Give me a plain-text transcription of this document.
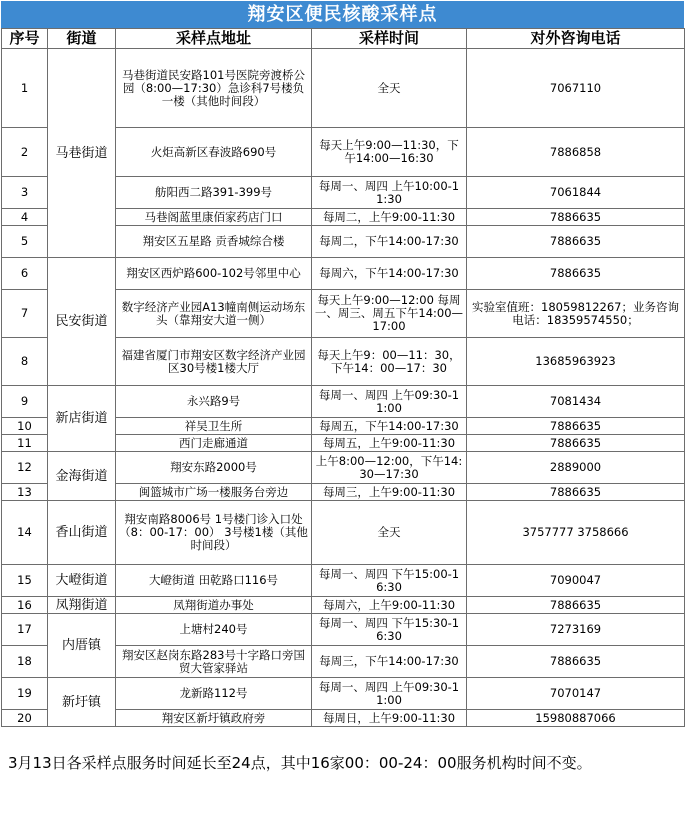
翔安区便民核酸采样点
序号	街道	采样点地址	采样时间	对外咨询电话
1	马巷街道	马巷街道民安路101号医院旁渡桥公园（8:00—17:30）急诊科7号楼负一楼（其他时间段）	全天	7067110
2		火炬高新区春波路690号	每天上午9:00—11:30，下午14:00—16:30	7886858
3		舫阳西二路391-399号	每周一、周四 上午10:00-11:30	7061844
4		马巷阁蓝里康佰家药店门口	每周二，上午9:00-11:30	7886635
5		翔安区五星路 贡香城综合楼	每周二，下午14:00-17:30	7886635
6	民安街道	翔安区西炉路600-102号邻里中心	每周六，下午14:00-17:30	7886635
7		数字经济产业园A13幢南侧运动场东头（靠翔安大道一侧）	每天上午9:00—12:00 每周一、周三、周五下午14:00—17:00	实验室值班：18059812267；业务咨询电话：18359574550；
8		福建省厦门市翔安区数字经济产业园区30号楼1楼大厅	每天上午9：00—11：30，下午14：00—17：30	13685963923
9	新店街道	永兴路9号	每周一、周四 上午09:30-11:00	7081434
10		祥吴卫生所	每周五，下午14:00-17:30	7886635
11		西门走廊通道	每周五，上午9:00-11:30	7886635
12	金海街道	翔安东路2000号	上午8:00—12:00，下午14:30—17:30	2889000
13		闽篮城市广场一楼服务台旁边	每周三，上午9:00-11:30	7886635
14	香山街道	翔安南路8006号 1号楼门诊入口处（8：00-17：00） 3号楼1楼（其他时间段）	全天	3757777 3758666
15	大嶝街道	大嶝街道 田乾路口116号	每周一、周四 下午15:00-16:30	7090047
16	凤翔街道	凤翔街道办事处	每周六，上午9:00-11:30	7886635
17	内厝镇	上塘村240号	每周一、周四 下午15:30-16:30	7273169
18		翔安区赵岗东路283号十字路口旁国贸大管家驿站	每周三，下午14:00-17:30	7886635
19	新圩镇	龙新路112号	每周一、周四 上午09:30-11:00	7070147
20		翔安区新圩镇政府旁	每周日，上午9:00-11:30	15980887066
3月13日各采样点服务时间延长至24点，其中16家00：00-24：00服务机构时间不变。
